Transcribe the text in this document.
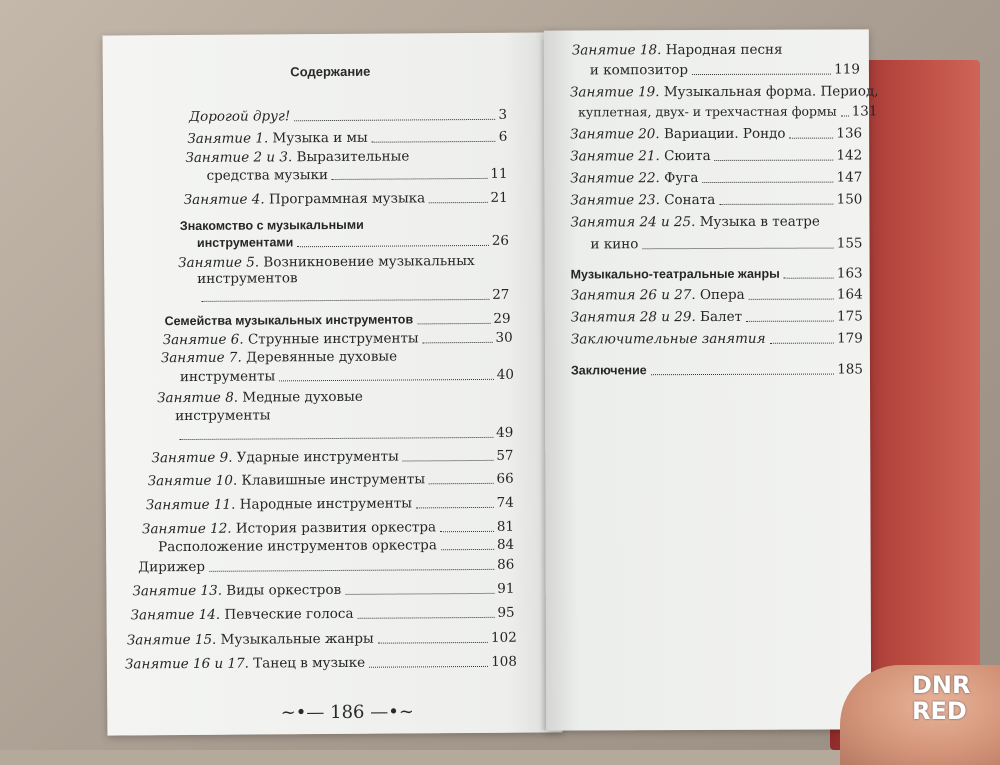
Содержание
Дорогой друг!	3
Занятие 1. Музыка и мы	6
Занятие 2 и 3. Выразительные
средства музыки	11
Занятие 4. Программная музыка	21
Знакомство с музыкальными
инструментами	26
Занятие 5. Возникновение музыкальных
инструментов
27
Семейства музыкальных инструментов	29
Занятие 6. Струнные инструменты	30
Занятие 7. Деревянные духовые
инструменты	40
Занятие 8. Медные духовые
инструменты
49
Занятие 9. Ударные инструменты	57
Занятие 10. Клавишные инструменты	66
Занятие 11. Народные инструменты	74
Занятие 12. История развития оркестра	81
Расположение инструментов оркестра	84
Дирижер	86
Занятие 13. Виды оркестров	91
Занятие 14. Певческие голоса	95
Занятие 15. Музыкальные жанры	102
Занятие 16 и 17. Танец в музыке	108
∼•— 186 —•∼
Занятие 18. Народная песня
и композитор	119
Занятие 19. Музыкальная форма. Период,
куплетная, двух- и трехчастная формы 131
Занятие 20. Вариации. Рондо	136
Занятие 21. Сюита	142
Занятие 22. Фуга	147
Занятие 23. Соната	150
Занятия 24 и 25. Музыка в театре
и кино	155
Музыкально-театральные жанры	163
Занятия 26 и 27. Опера	164
Занятия 28 и 29. Балет	175
Заключительные занятия	179
Заключение	185
DNR
RED
